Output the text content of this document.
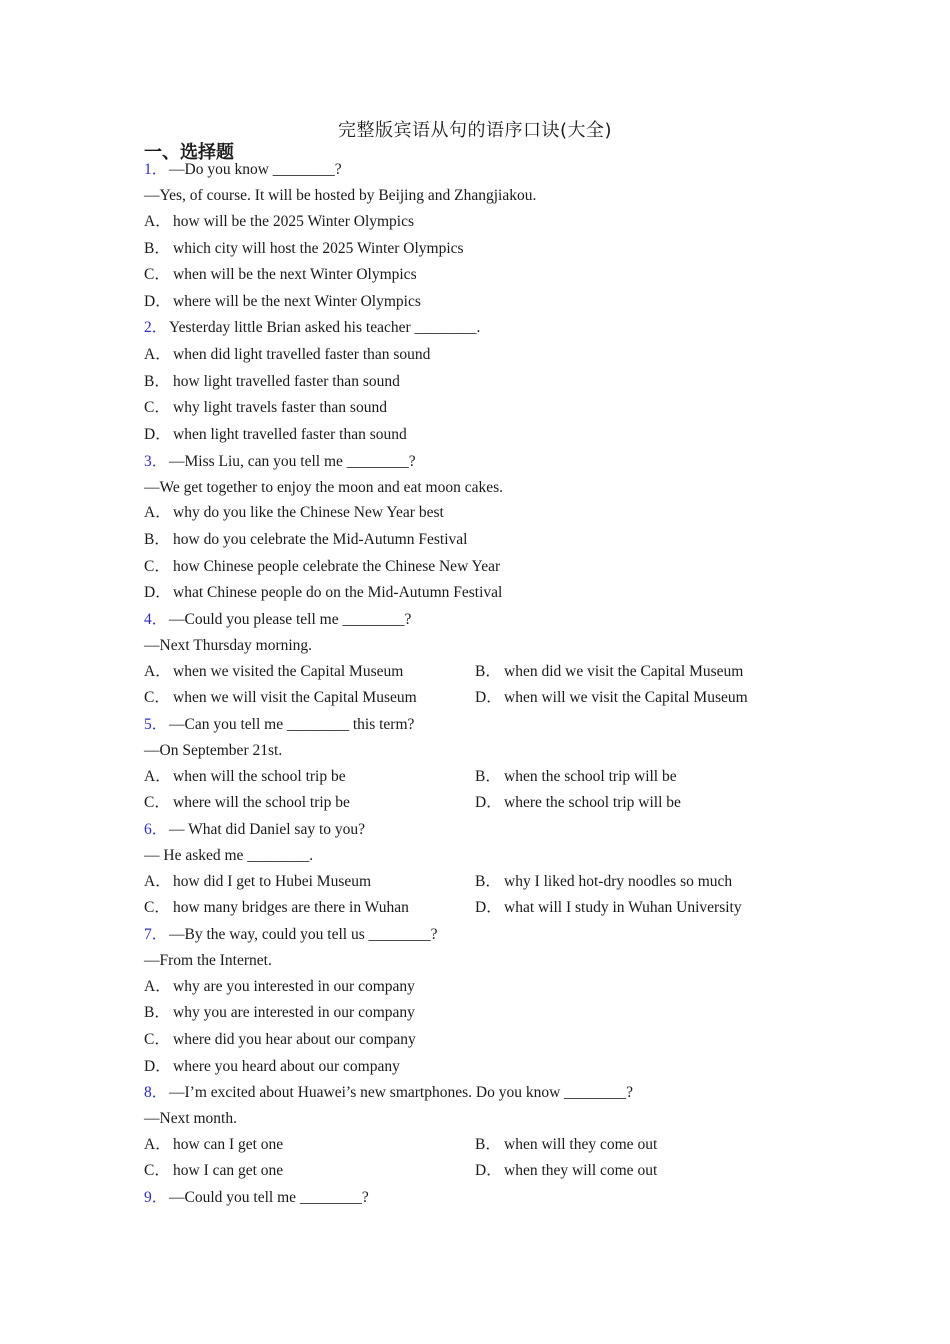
完整版宾语从句的语序口诀(大全)
一、选择题
1． —Do you know ________?
—Yes, of course. It will be hosted by Beijing and Zhangjiakou.
A． how will be the 2025 Winter Olympics
B． which city will host the 2025 Winter Olympics
C． when will be the next Winter Olympics
D． where will be the next Winter Olympics
2． Yesterday little Brian asked his teacher ________.
A． when did light travelled faster than sound
B． how light travelled faster than sound
C． why light travels faster than sound
D． when light travelled faster than sound
3． —Miss Liu, can you tell me ________?
—We get together to enjoy the moon and eat moon cakes.
A． why do you like the Chinese New Year best
B． how do you celebrate the Mid-Autumn Festival
C． how Chinese people celebrate the Chinese New Year
D． what Chinese people do on the Mid-Autumn Festival
4． —Could you please tell me ________?
—Next Thursday morning.
A． when we visited the Capital Museum	B． when did we visit the Capital Museum
C． when we will visit the Capital Museum	D． when will we visit the Capital Museum
5． —Can you tell me ________ this term?
—On September 21st.
A． when will the school trip be	B． when the school trip will be
C． where will the school trip be	D． where the school trip will be
6． — What did Daniel say to you?
— He asked me ________.
A． how did I get to Hubei Museum	B． why I liked hot-dry noodles so much
C． how many bridges are there in Wuhan	D． what will I study in Wuhan University
7． —By the way, could you tell us ________?
—From the Internet.
A． why are you interested in our company
B． why you are interested in our company
C． where did you hear about our company
D． where you heard about our company
8． —I’m excited about Huawei’s new smartphones. Do you know ________?
—Next month.
A． how can I get one	B． when will they come out
C． how I can get one	D． when they will come out
9． —Could you tell me ________?
